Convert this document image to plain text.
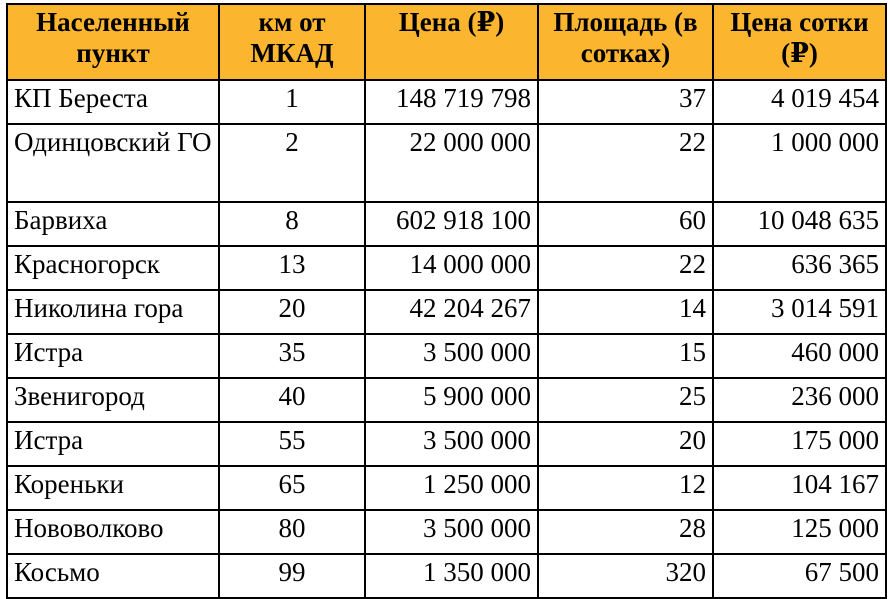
Населенный пункт	км от МКАД	Цена (₽)	Площадь (в сотках)	Цена сотки (₽)
КП Береста	1	148 719 798	37	4 019 454
Одинцовский ГО	2	22 000 000	22	1 000 000
Барвиха	8	602 918 100	60	10 048 635
Красногорск	13	14 000 000	22	636 365
Николина гора	20	42 204 267	14	3 014 591
Истра	35	3 500 000	15	460 000
Звенигород	40	5 900 000	25	236 000
Истра	55	3 500 000	20	175 000
Кореньки	65	1 250 000	12	104 167
Нововолково	80	3 500 000	28	125 000
Косьмо	99	1 350 000	320	67 500
